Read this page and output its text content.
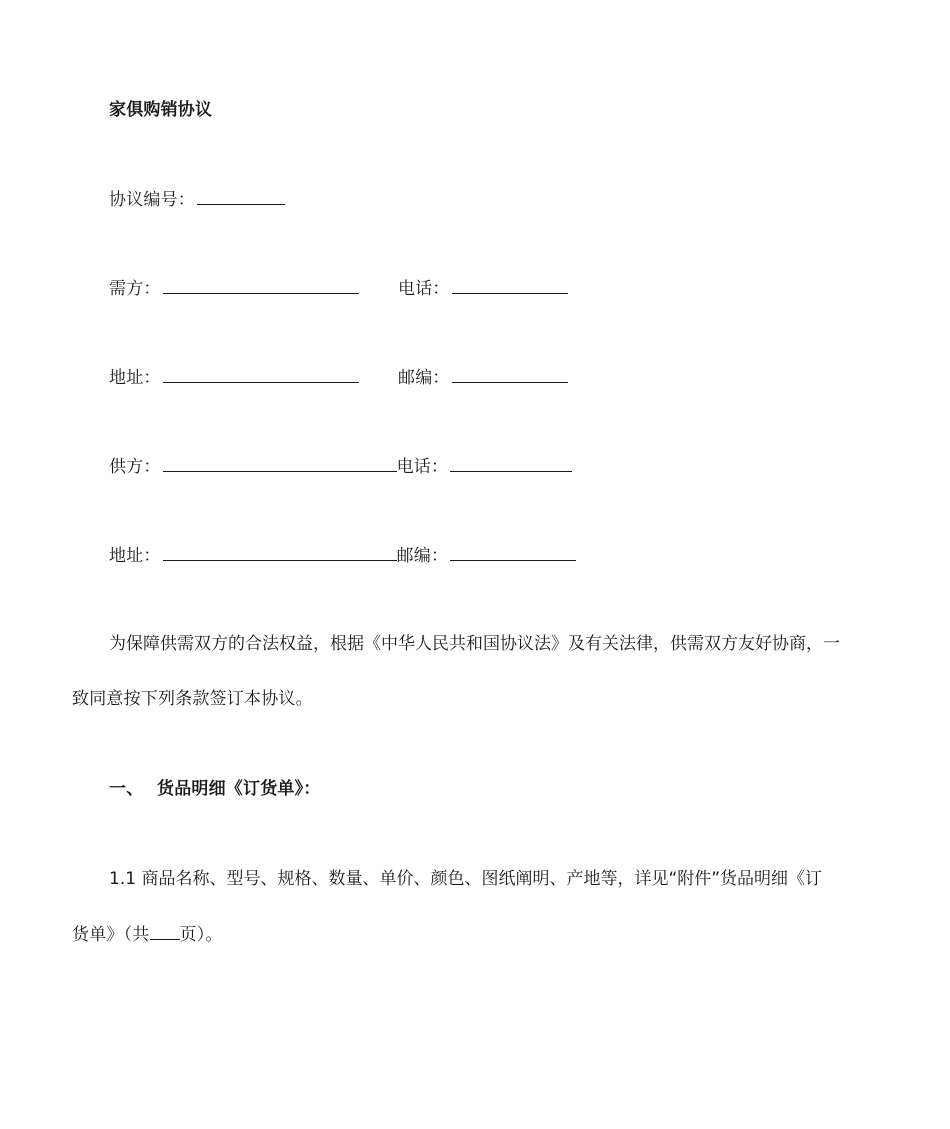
家俱购销协议
协议编号：
需方：	电话：
地址：	邮编：
供方：	电话：
地址：	邮编：
为保障供需双方的合法权益，根据《中华人民共和国协议法》及有关法律，供需双方友好协商，一
致同意按下列条款签订本协议。
一、 货品明细《订货单》：
1.1 商品名称、型号、规格、数量、单价、颜色、图纸阐明、产地等，详见“附件”货品明细《订
货单》（共 页）。
